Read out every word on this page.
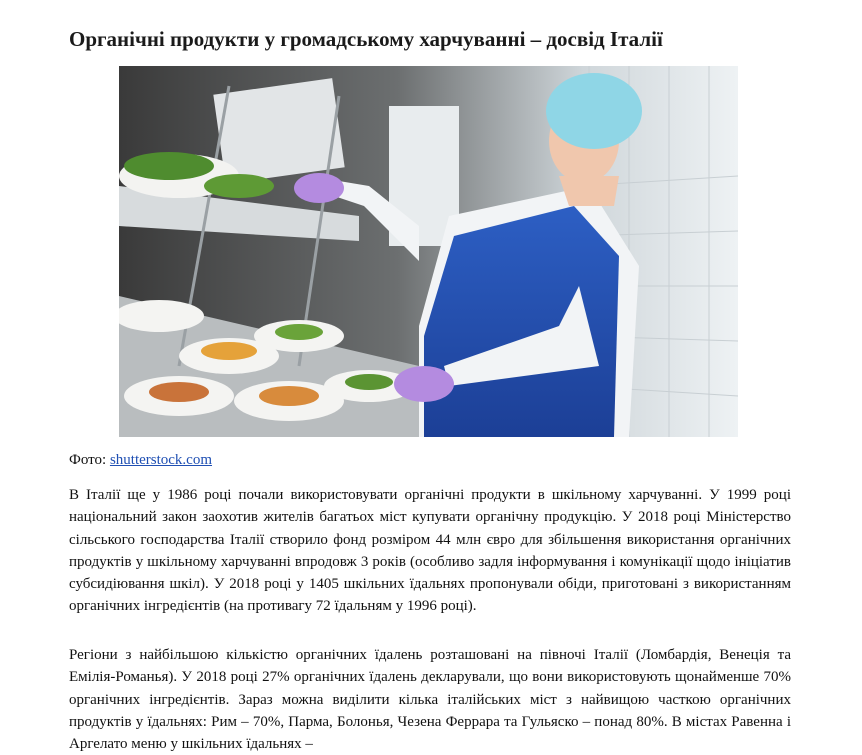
Органічні продукти у громадському харчуванні – досвід Італії
Фото: shutterstock.com

В Італії ще у 1986 році почали використовувати органічні продукти в шкільному харчуванні. У 1999 році національний закон заохотив жителів багатьох міст купувати органічну продукцію. У 2018 році Міністерство сільського господарства Італії створило фонд розміром 44 млн євро для збільшення використання органічних продуктів у шкільному харчуванні впродовж 3 років (особливо задля інформування і комунікації щодо ініціатив субсидіювання шкіл). У 2018 році у 1405 шкільних їдальнях пропонували обіди, приготовані з використанням органічних інгредієнтів (на противагу 72 їдальням у 1996 році).

Регіони з найбільшою кількістю органічних їдалень розташовані на півночі Італії (Ломбардія, Венеція та Емілія-Романья). У 2018 році 27% органічних їдалень декларували, що вони використовують щонайменше 70% органічних інгредієнтів. Зараз можна виділити кілька італійських міст з найвищою часткою органічних продуктів у їдальнях: Рим – 70%, Парма, Болонья, Чезена Феррара та Гульяско – понад 80%. В містах Равенна і Аргелато меню у шкільних їдальнях –
